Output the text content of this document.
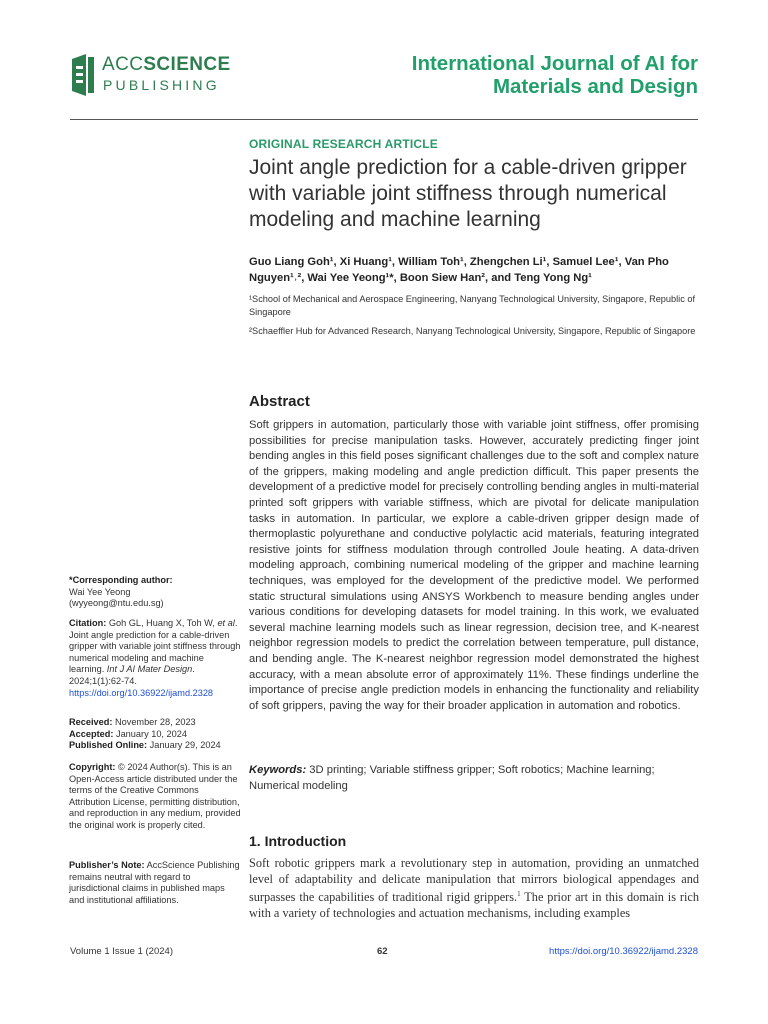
ACCSCIENCE
PUBLISHING
International Journal of AI for
Materials and Design
ORIGINAL RESEARCH ARTICLE
Joint angle prediction for a cable-driven gripper with variable joint stiffness through numerical modeling and machine learning
Guo Liang Goh¹, Xi Huang¹, William Toh¹, Zhengchen Li¹, Samuel Lee¹, Van Pho
Nguyen¹˒², Wai Yee Yeong¹*, Boon Siew Han², and Teng Yong Ng¹
¹School of Mechanical and Aerospace Engineering, Nanyang Technological University, Singapore, Republic of Singapore
²Schaeffler Hub for Advanced Research, Nanyang Technological University, Singapore, Republic of Singapore
Abstract
Soft grippers in automation, particularly those with variable joint stiffness, offer promising possibilities for precise manipulation tasks. However, accurately predicting finger joint bending angles in this field poses significant challenges due to the soft and complex nature of the grippers, making modeling and angle prediction difficult. This paper presents the development of a predictive model for precisely controlling bending angles in multi-material printed soft grippers with variable stiffness, which are pivotal for delicate manipulation tasks in automation. In particular, we explore a cable-driven gripper design made of thermoplastic polyurethane and conductive polylactic acid materials, featuring integrated resistive joints for stiffness modulation through controlled Joule heating. A data-driven modeling approach, combining numerical modeling of the gripper and machine learning techniques, was employed for the development of the predictive model. We performed static structural simulations using ANSYS Workbench to measure bending angles under various conditions for developing datasets for model training. In this work, we evaluated several machine learning models such as linear regression, decision tree, and K-nearest neighbor regression models to predict the correlation between temperature, pull distance, and bending angle. The K-nearest neighbor regression model demonstrated the highest accuracy, with a mean absolute error of approximately 11%. These findings underline the importance of precise angle prediction models in enhancing the functionality and reliability of soft grippers, paving the way for their broader application in automation and robotics.
Keywords: 3D printing; Variable stiffness gripper; Soft robotics; Machine learning; Numerical modeling
1. Introduction
Soft robotic grippers mark a revolutionary step in automation, providing an unmatched level of adaptability and delicate manipulation that mirrors biological appendages and surpasses the capabilities of traditional rigid grippers.$^1$ The prior art in this domain is rich with a variety of technologies and actuation mechanisms, including examples
*Corresponding author:
Wai Yee Yeong
(wyyeong@ntu.edu.sg)
Citation: Goh GL, Huang X, Toh W, et al. Joint angle prediction for a cable-driven gripper with variable joint stiffness through numerical modeling and machine learning. Int J AI Mater Design. 2024;1(1):62-74.
https://doi.org/10.36922/ijamd.2328
Received: November 28, 2023
Accepted: January 10, 2024
Published Online: January 29, 2024
Copyright: © 2024 Author(s). This is an Open-Access article distributed under the terms of the Creative Commons Attribution License, permitting distribution, and reproduction in any medium, provided the original work is properly cited.
Publisher’s Note: AccScience Publishing remains neutral with regard to jurisdictional claims in published maps and institutional affiliations.
Volume 1 Issue 1 (2024)	62	https://doi.org/10.36922/ijamd.2328
